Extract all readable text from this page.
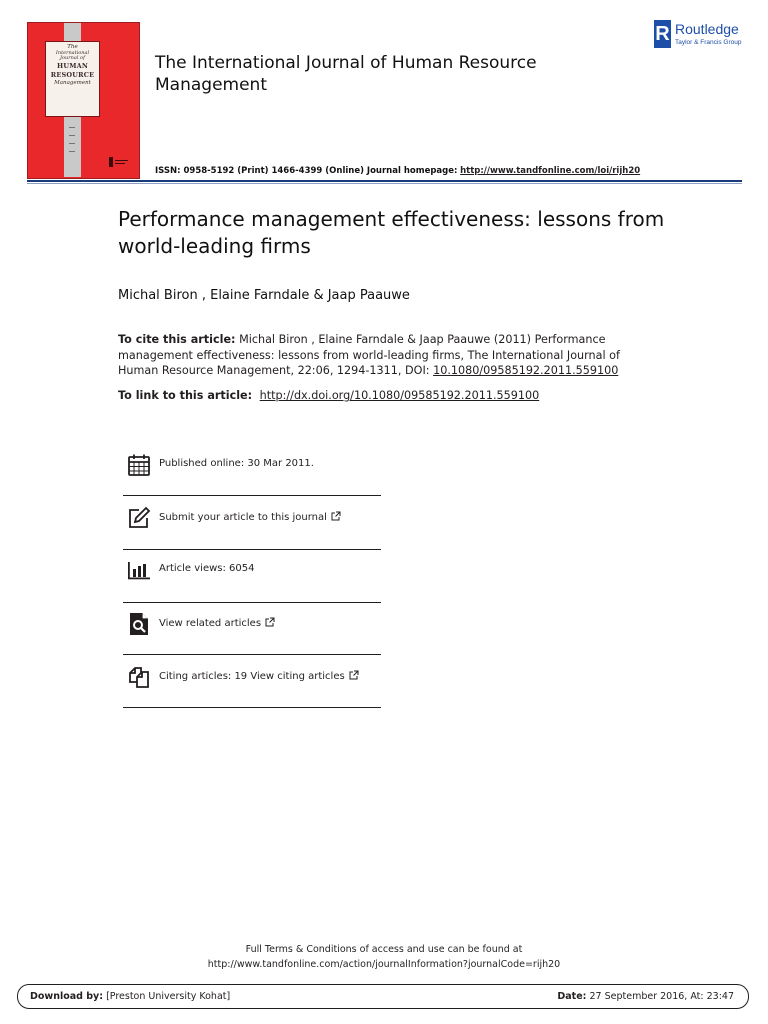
The
International
Journal of
HUMAN
RESOURCE
Management
The International Journal of Human Resource Management
R Routledge
Taylor & Francis Group
ISSN: 0958-5192 (Print) 1466-4399 (Online) Journal homepage: http://www.tandfonline.com/loi/rijh20
Performance management effectiveness: lessons from world-leading firms
Michal Biron , Elaine Farndale & Jaap Paauwe
To cite this article: Michal Biron , Elaine Farndale & Jaap Paauwe (2011) Performance management effectiveness: lessons from world-leading firms, The International Journal of Human Resource Management, 22:06, 1294-1311, DOI: 10.1080/09585192.2011.559100
To link to this article: http://dx.doi.org/10.1080/09585192.2011.559100
Published online: 30 Mar 2011.
Submit your article to this journal
Article views: 6054
View related articles
Citing articles: 19 View citing articles
Full Terms & Conditions of access and use can be found at
http://www.tandfonline.com/action/journalInformation?journalCode=rijh20
Download by: [Preston University Kohat]	Date: 27 September 2016, At: 23:47
